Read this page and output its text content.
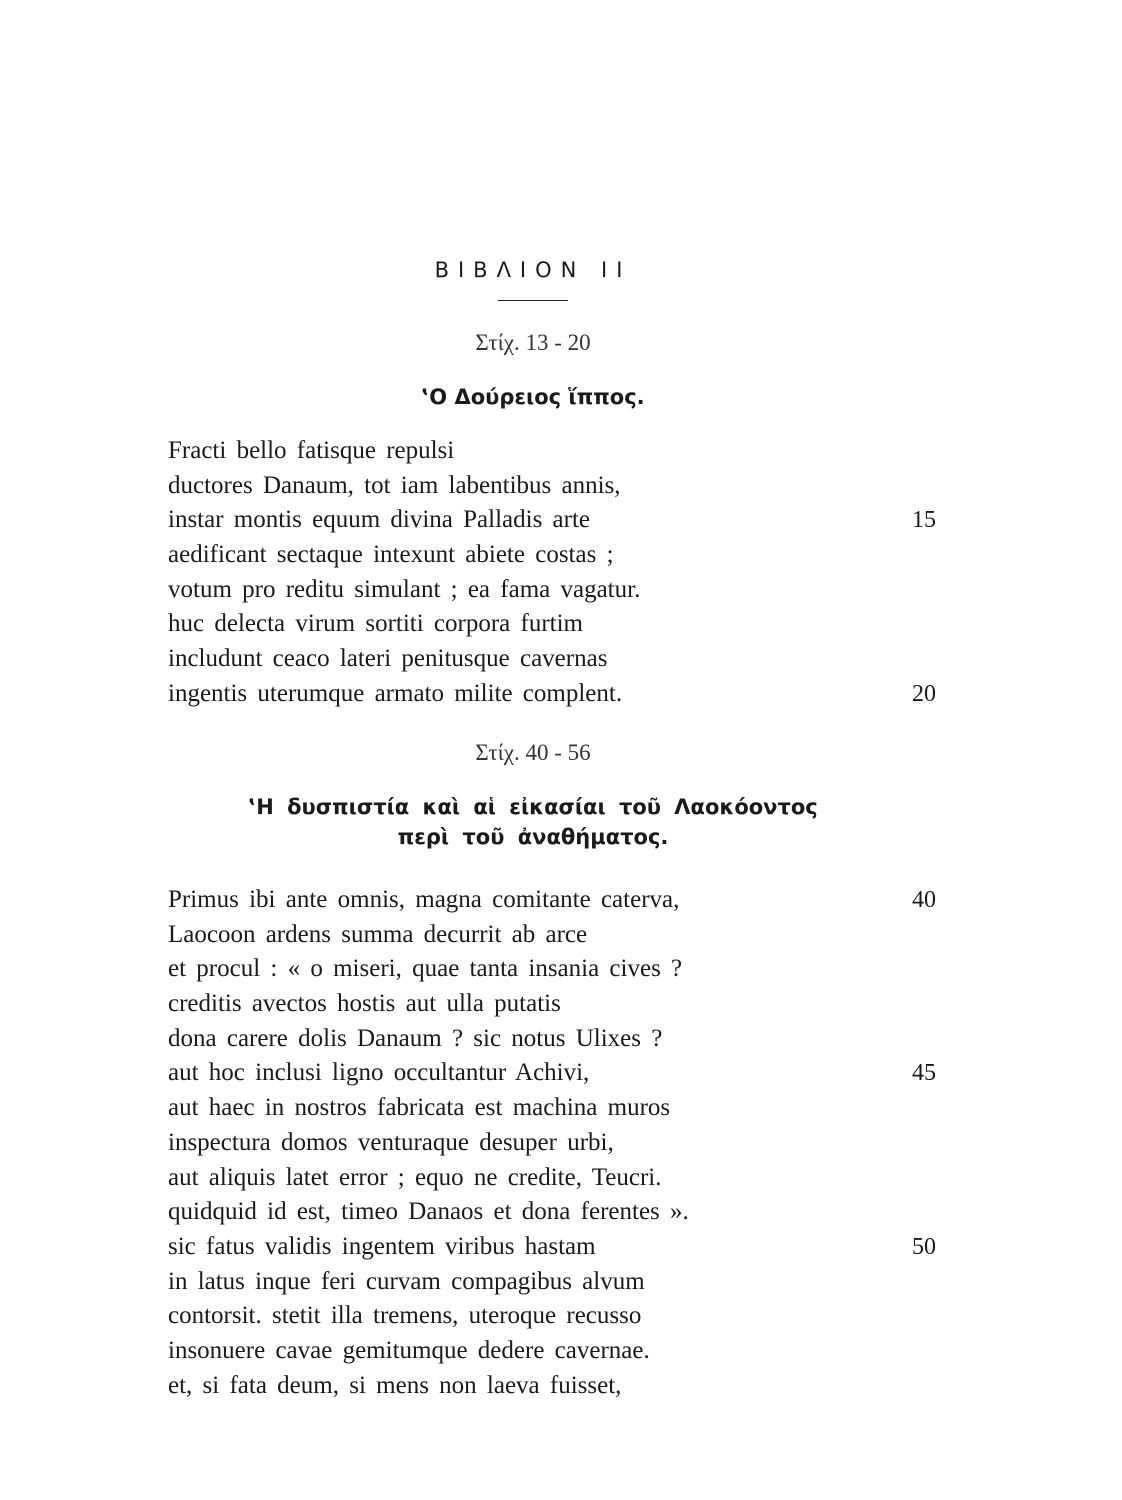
ΒΙΒΛΙΟΝ ΙΙ
Στίχ. 13 - 20
‛Ο Δούρειος ἵππος.
Fracti bello fatisque repulsi
ductores Danaum, tot iam labentibus annis,
instar montis equum divina Palladis arte	15
aedificant sectaque intexunt abiete costas ;
votum pro reditu simulant ; ea fama vagatur.
huc delecta virum sortiti corpora furtim
includunt ceaco lateri penitusque cavernas
ingentis uterumque armato milite complent.	20
Στίχ. 40 - 56
‛Η δυσπιστία καὶ αἱ εἰκασίαι τοῦ Λαοκόοντος
περὶ τοῦ ἀναθήματος.
Primus ibi ante omnis, magna comitante caterva,	40
Laocoon ardens summa decurrit ab arce
et procul : « o miseri, quae tanta insania cives ?
creditis avectos hostis aut ulla putatis
dona carere dolis Danaum ? sic notus Ulixes ?
aut hoc inclusi ligno occultantur Achivi,	45
aut haec in nostros fabricata est machina muros
inspectura domos venturaque desuper urbi,
aut aliquis latet error ; equo ne credite, Teucri.
quidquid id est, timeo Danaos et dona ferentes ».
sic fatus validis ingentem viribus hastam	50
in latus inque feri curvam compagibus alvum
contorsit. stetit illa tremens, uteroque recusso
insonuere cavae gemitumque dedere cavernae.
et, si fata deum, si mens non laeva fuisset,
